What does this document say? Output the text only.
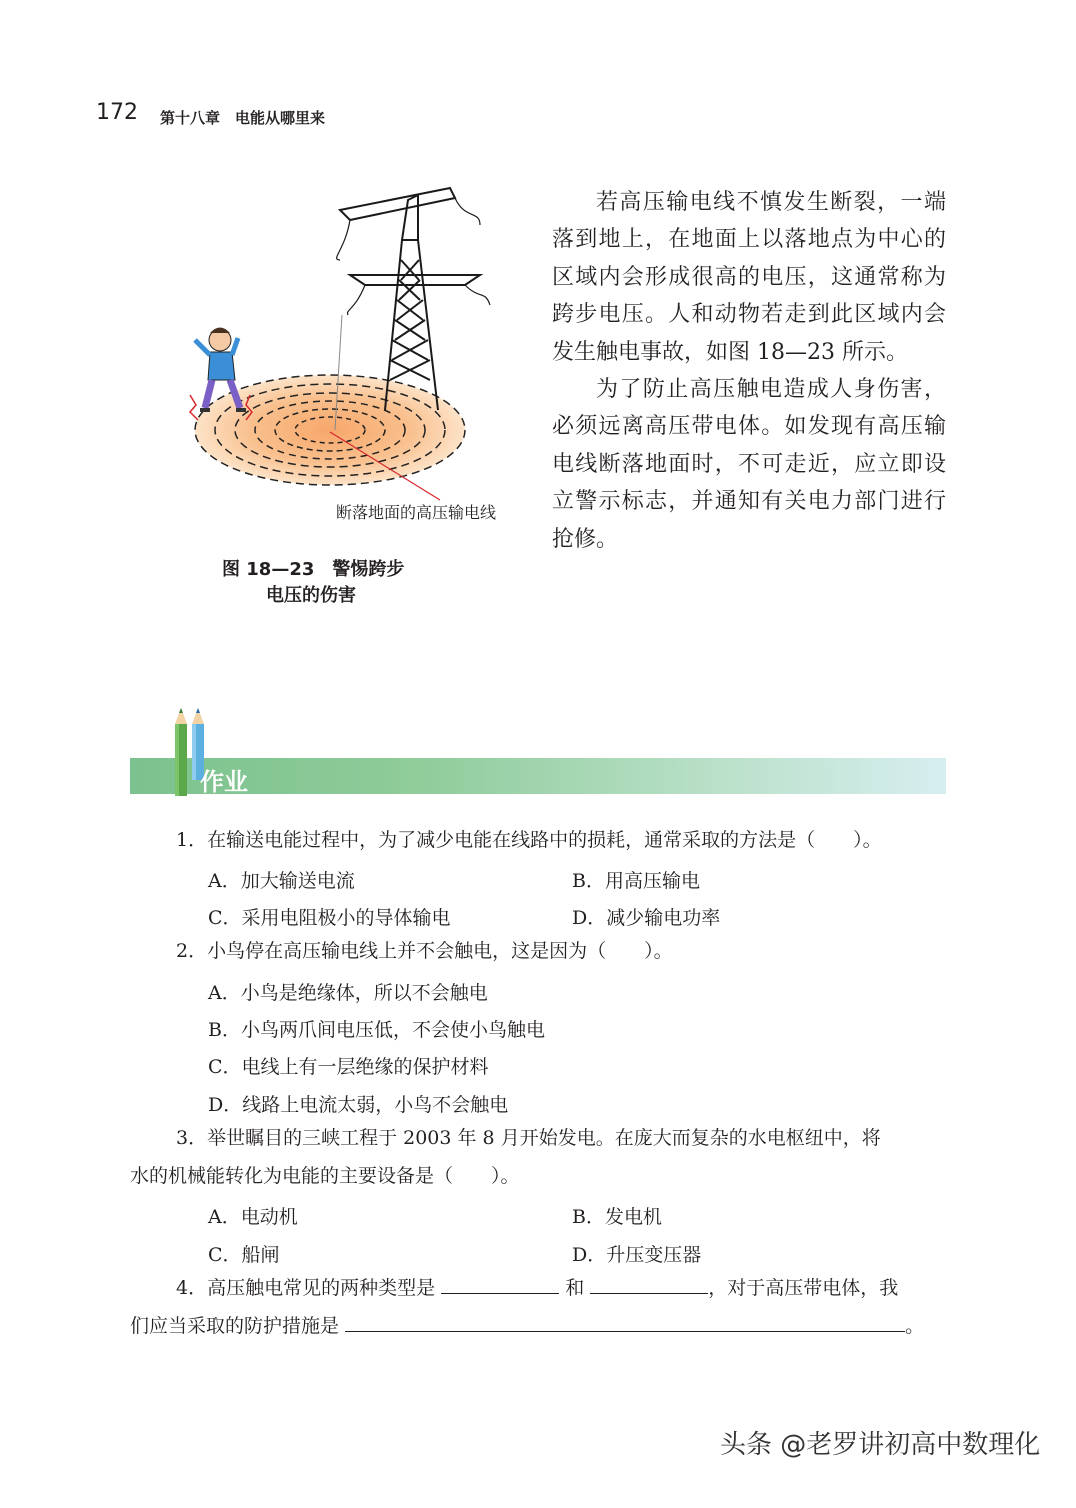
172 第十八章　电能从哪里来
断落地面的高压输电线
图 18—23　警惕跨步
电压的伤害

若高压输电线不慎发生断裂，一端落到地上，在地面上以落地点为中心的区域内会形成很高的电压，这通常称为跨步电压。人和动物若走到此区域内会发生触电事故，如图 18—23 所示。

为了防止高压触电造成人身伤害，必须远离高压带电体。如发现有高压输电线断落地面时，不可走近，应立即设立警示标志，并通知有关电力部门进行抢修。

作业
1．在输送电能过程中，为了减少电能在线路中的损耗，通常采取的方法是（　　）。
A．加大输送电流	B．用高压输电
C．采用电阻极小的导体输电	D．减少输电功率
2．小鸟停在高压输电线上并不会触电，这是因为（　　）。
A．小鸟是绝缘体，所以不会触电
B．小鸟两爪间电压低，不会使小鸟触电
C．电线上有一层绝缘的保护材料
D．线路上电流太弱，小鸟不会触电
3．举世瞩目的三峡工程于 2003 年 8 月开始发电。在庞大而复杂的水电枢纽中，将
水的机械能转化为电能的主要设备是（　　）。
A．电动机	B．发电机
C．船闸	D．升压变压器
4．高压触电常见的两种类型是	和	，对于高压带电体，我
们应当采取的防护措施是	。
头条 @老罗讲初高中数理化
